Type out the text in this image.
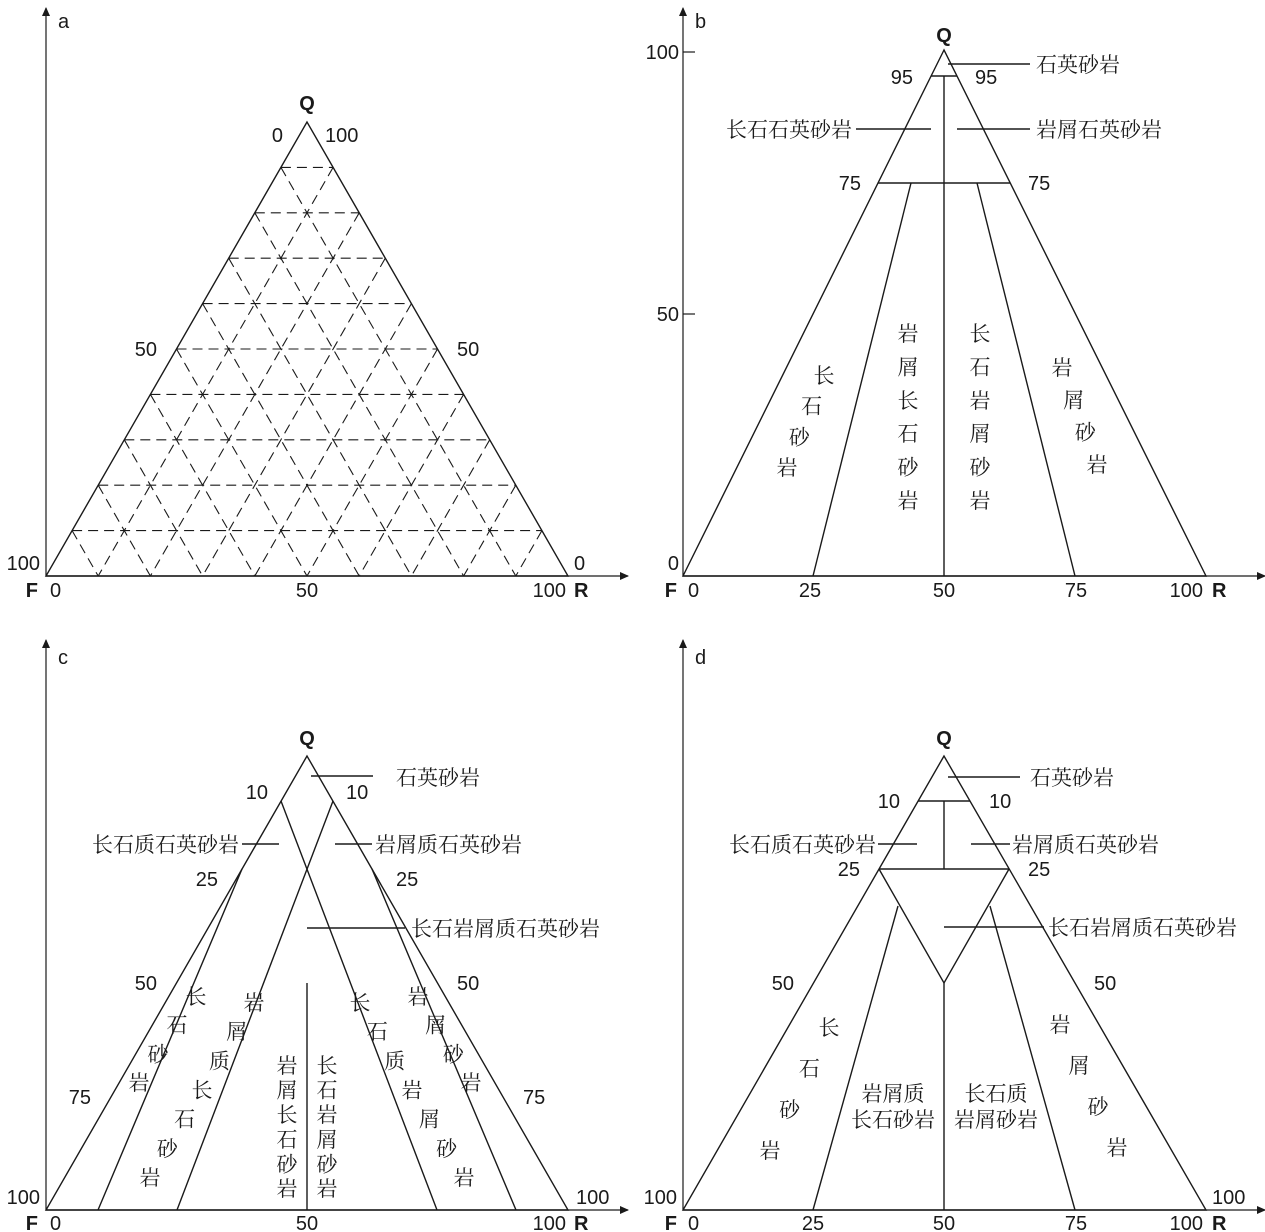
a
Q
0 100
50	50
100	0
F 0	50	100 R
b
100
50
0
Q
95	95
75	75
石英砂岩
长石石英砂岩	岩屑石英砂岩
长
石
砂
岩
岩
屑
长
石
砂
岩
长
石
岩
屑
砂
岩
岩
屑
砂
岩
F 0	25	50	75	100 R
c
Q
10	10
25	25
50	50
75	75
100	100
石英砂岩
长石质石英砂岩	岩屑质石英砂岩
长石岩屑质石英砂岩
长
石
砂
岩
岩
屑
质
长
石
砂
岩
岩
屑
长
石
砂
岩
长
石
岩
屑
砂
岩
长
石
质
岩
屑
砂
岩
岩
屑
砂
岩
F 0	50	100 R
d
Q
10	10
25	25
50	50
100	100
石英砂岩
长石质石英砂岩	岩屑质石英砂岩
长石岩屑质石英砂岩
长
石
砂
岩
岩屑质
长石砂岩
长石质
岩屑砂岩
岩
屑
砂
岩
F 0	25	50	75	100 R
